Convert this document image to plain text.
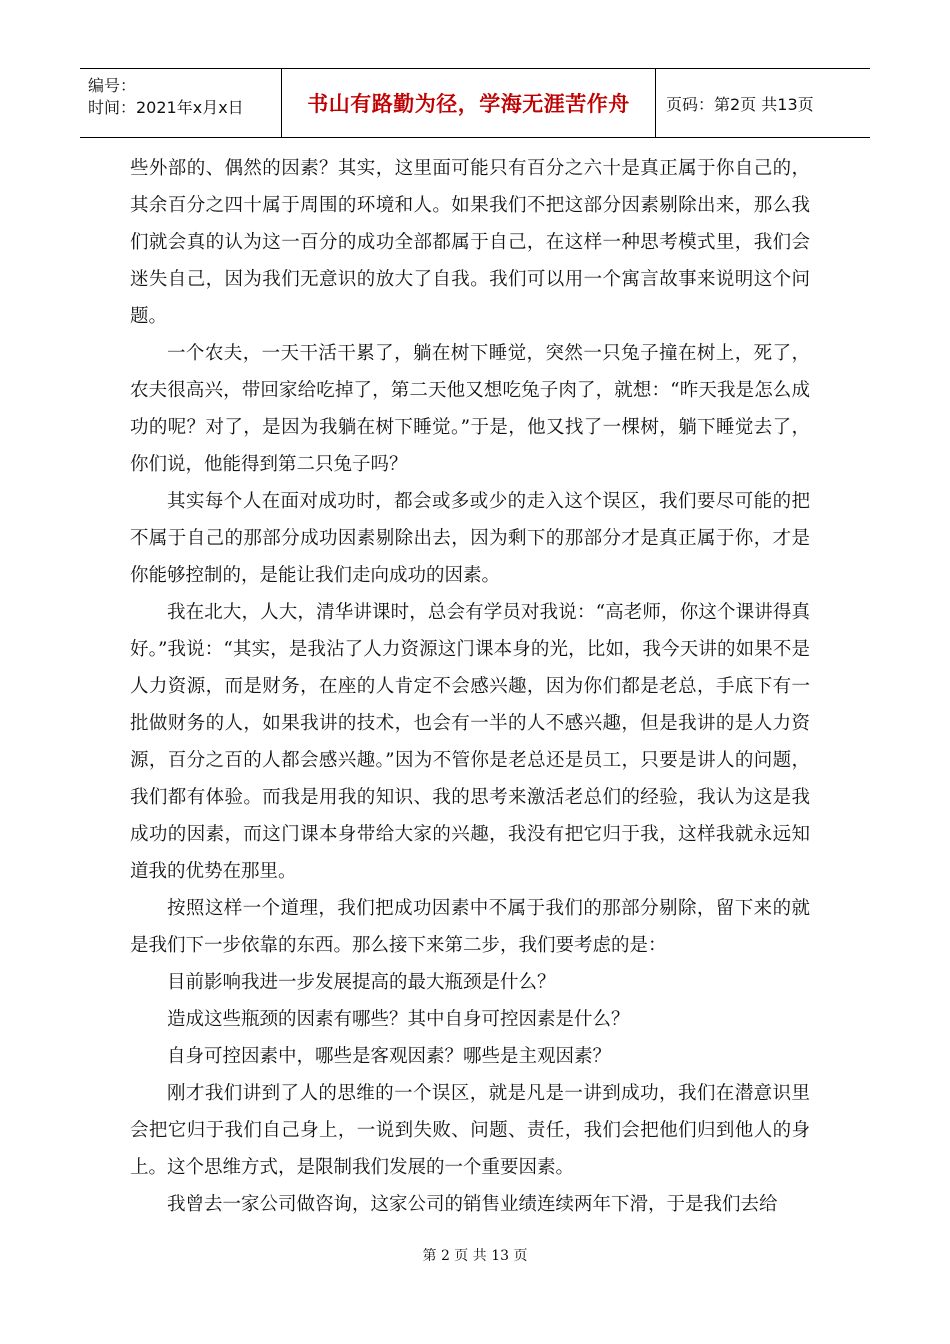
编号：
时间：2021年x月x日	书山有路勤为径，学海无涯苦作舟	页码：第2页 共13页

些外部的、偶然的因素？其实，这里面可能只有百分之六十是真正属于你自己的，其余百分之四十属于周围的环境和人。如果我们不把这部分因素剔除出来，那么我们就会真的认为这一百分的成功全部都属于自己，在这样一种思考模式里，我们会迷失自己，因为我们无意识的放大了自我。我们可以用一个寓言故事来说明这个问题。

一个农夫，一天干活干累了，躺在树下睡觉，突然一只兔子撞在树上，死了，农夫很高兴，带回家给吃掉了，第二天他又想吃兔子肉了，就想：“昨天我是怎么成功的呢？对了，是因为我躺在树下睡觉。”于是，他又找了一棵树，躺下睡觉去了，你们说，他能得到第二只兔子吗？

其实每个人在面对成功时，都会或多或少的走入这个误区，我们要尽可能的把不属于自己的那部分成功因素剔除出去，因为剩下的那部分才是真正属于你，才是你能够控制的，是能让我们走向成功的因素。

我在北大，人大，清华讲课时，总会有学员对我说：“高老师，你这个课讲得真好。”我说：“其实，是我沾了人力资源这门课本身的光，比如，我今天讲的如果不是人力资源，而是财务，在座的人肯定不会感兴趣，因为你们都是老总，手底下有一批做财务的人，如果我讲的技术，也会有一半的人不感兴趣，但是我讲的是人力资源，百分之百的人都会感兴趣。”因为不管你是老总还是员工，只要是讲人的问题，我们都有体验。而我是用我的知识、我的思考来激活老总们的经验，我认为这是我成功的因素，而这门课本身带给大家的兴趣，我没有把它归于我，这样我就永远知道我的优势在那里。

按照这样一个道理，我们把成功因素中不属于我们的那部分剔除，留下来的就是我们下一步依靠的东西。那么接下来第二步，我们要考虑的是：

目前影响我进一步发展提高的最大瓶颈是什么？

造成这些瓶颈的因素有哪些？其中自身可控因素是什么？

自身可控因素中，哪些是客观因素？哪些是主观因素？

刚才我们讲到了人的思维的一个误区，就是凡是一讲到成功，我们在潜意识里会把它归于我们自己身上，一说到失败、问题、责任，我们会把他们归到他人的身上。这个思维方式，是限制我们发展的一个重要因素。

我曾去一家公司做咨询，这家公司的销售业绩连续两年下滑，于是我们去给

第 2 页 共 13 页
